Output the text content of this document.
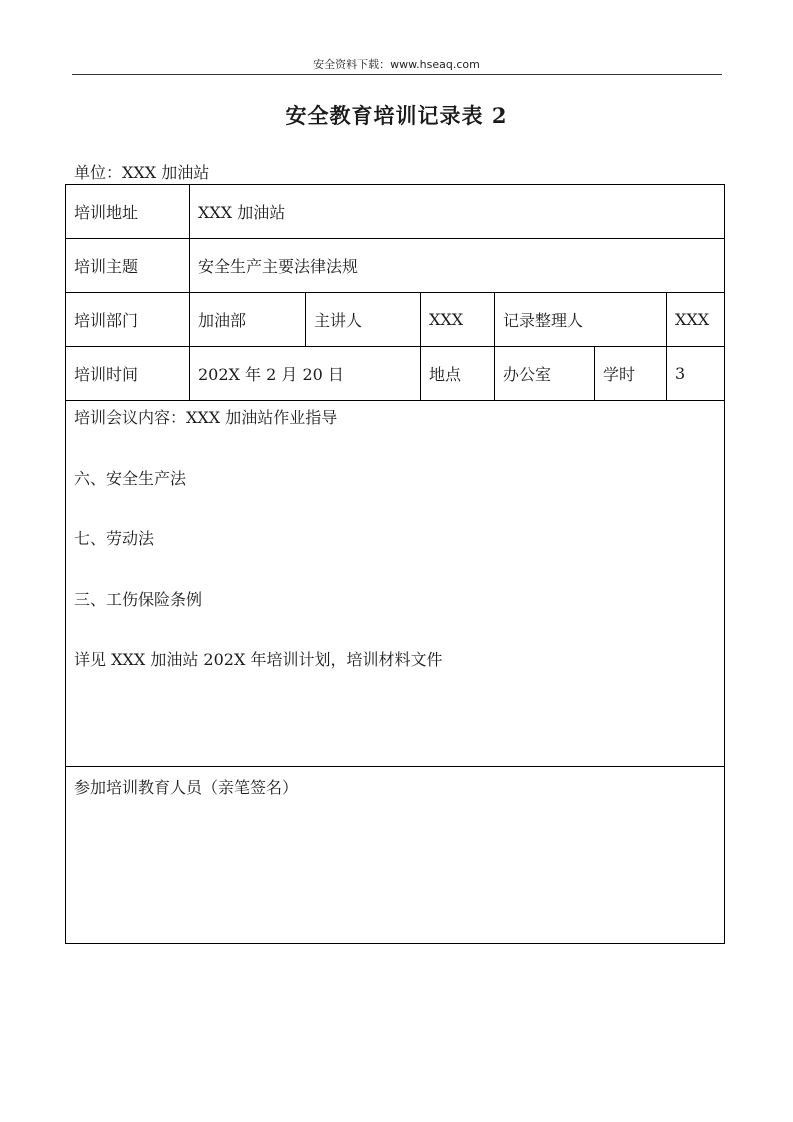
安全资料下载：www.hseaq.com
安全教育培训记录表 2
单位：XXX 加油站
培训地址	XXX 加油站					
培训主题	安全生产主要法律法规					
培训部门	加油部	主讲人	XXX	记录整理人		XXX
培训时间	202X 年 2 月 20 日		地点	办公室	学时	3

培训会议内容：XXX 加油站作业指导
六、安全生产法
七、劳动法
三、工伤保险条例
详见 XXX 加油站 202X 年培训计划，培训材料文件						

参加培训教育人员（亲笔签名）						
